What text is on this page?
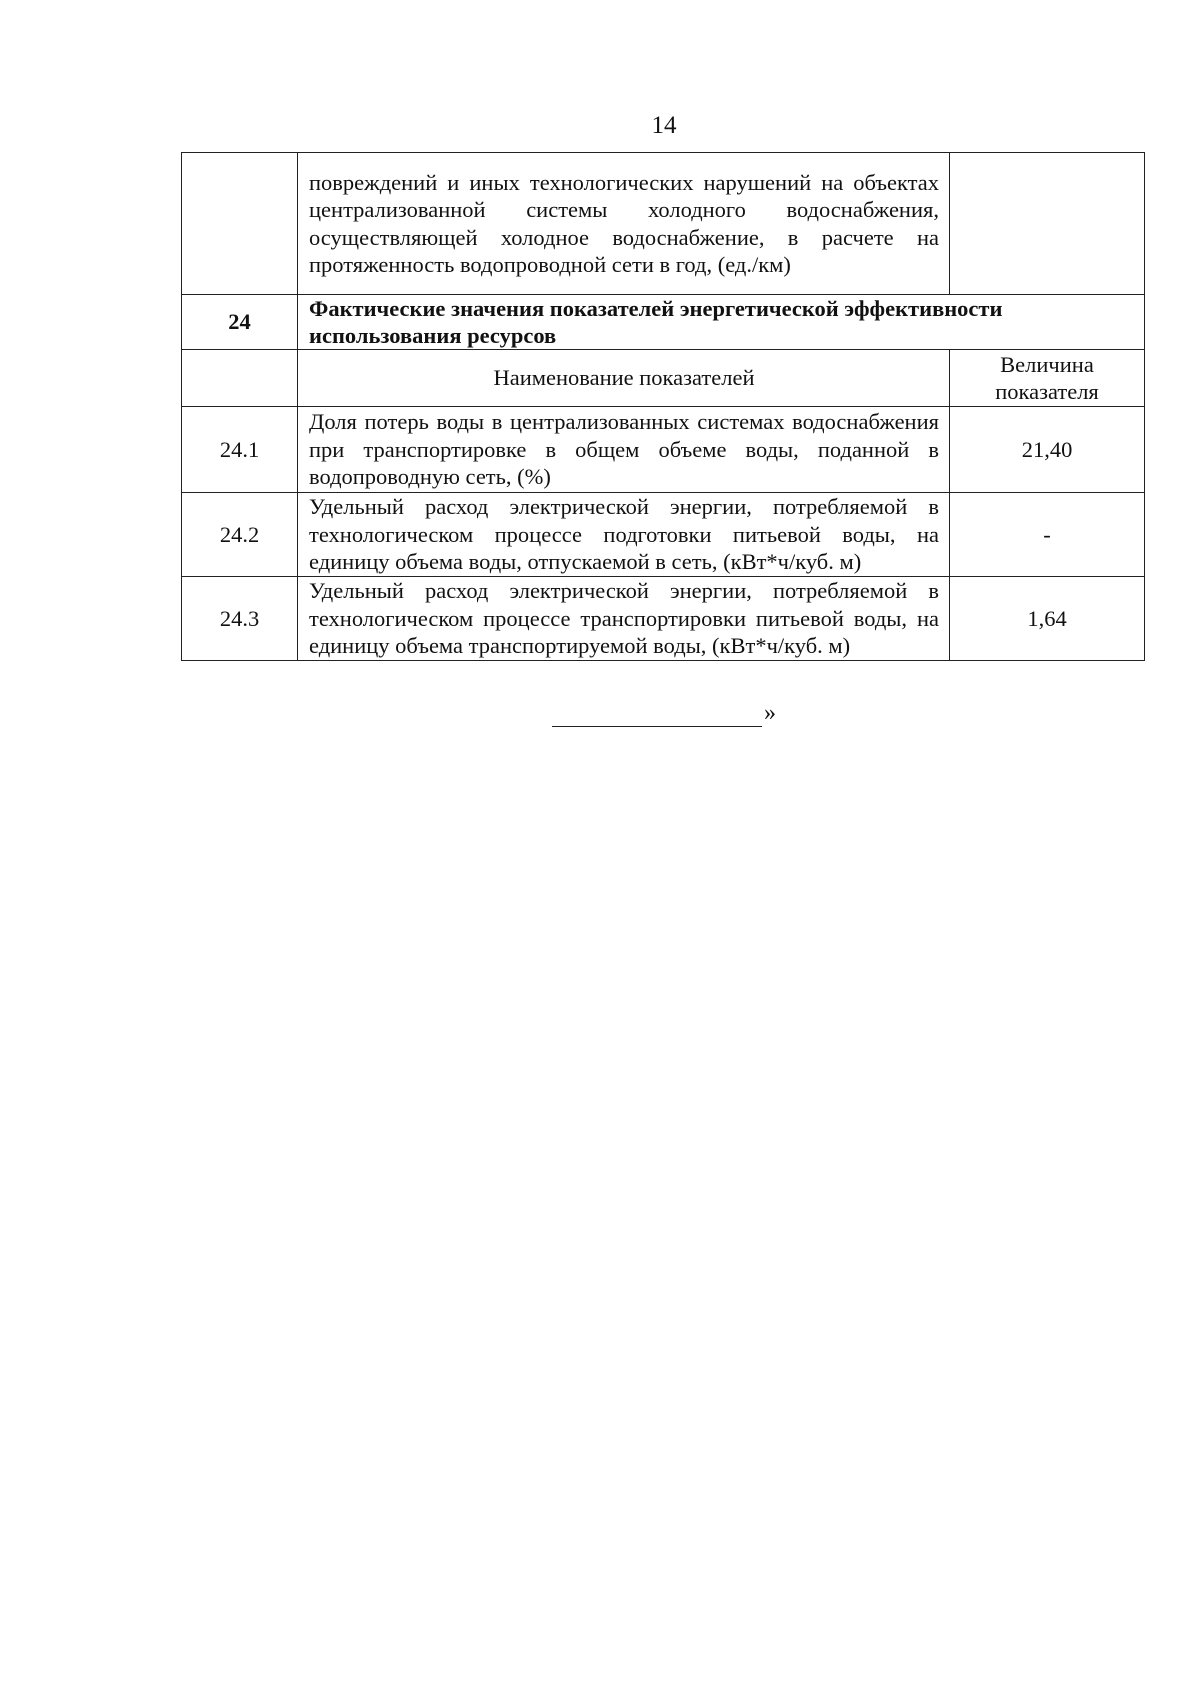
14
	повреждений и иных технологических нарушений на объектах централизованной системы холодного водоснабжения, осуществляющей холодное водоснабжение, в расчете на протяженность водопроводной сети в год, (ед./км)	
24	Фактические значения показателей энергетической эффективности использования ресурсов	
	Наименование показателей	Величина показателя
24.1	Доля потерь воды в централизованных системах водоснабжения при транспортировке в общем объеме воды, поданной в водопроводную сеть, (%)	21,40
24.2	Удельный расход электрической энергии, потребляемой в технологическом процессе подготовки питьевой воды, на единицу объема воды, отпускаемой в сеть, (кВт*ч/куб. м)	-
24.3	Удельный расход электрической энергии, потребляемой в технологическом процессе транспортировки питьевой воды, на единицу объема транспортируемой воды, (кВт*ч/куб. м)	1,64
»
